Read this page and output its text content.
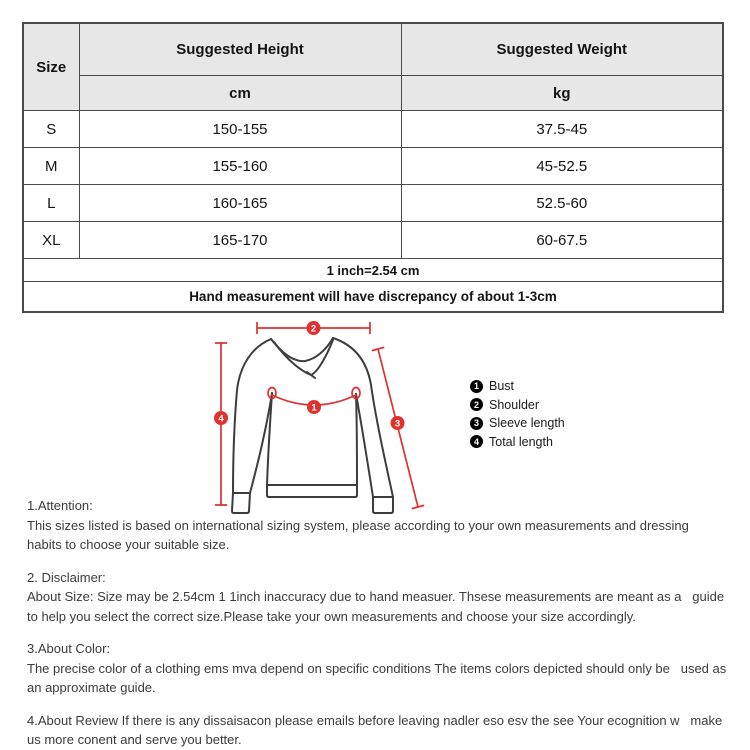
Size	Suggested Height	Suggested Weight
	cm	kg
S	150-155	37.5-45
M	155-160	45-52.5
L	160-165	52.5-60
XL	165-170	60-67.5
1 inch=2.54 cm		
Hand measurement will have discrepancy of about 1-3cm		
2
4
1
3
1 Bust
2 Shoulder
3 Sleeve length
4 Total length
1.Attention:
This sizes listed is based on international sizing system, please according to your own measurements and dressing   habits to choose your suitable size.
2. Disclaimer:
About Size: Size may be 2.54cm 1 1inch inaccuracy due to hand measuer. Thsese measurements are meant as a   guide to help you select the correct size.Please take your own measurements and choose your size accordingly.
3.About Color:
The precise color of a clothing ems mva depend on specific conditions The items colors depicted should only be   used as an approximate guide.
4.About Review If there is any dissaisacon please emails before leaving nadler eso esv the see Your ecognition w   make us more conent and serve you better.
